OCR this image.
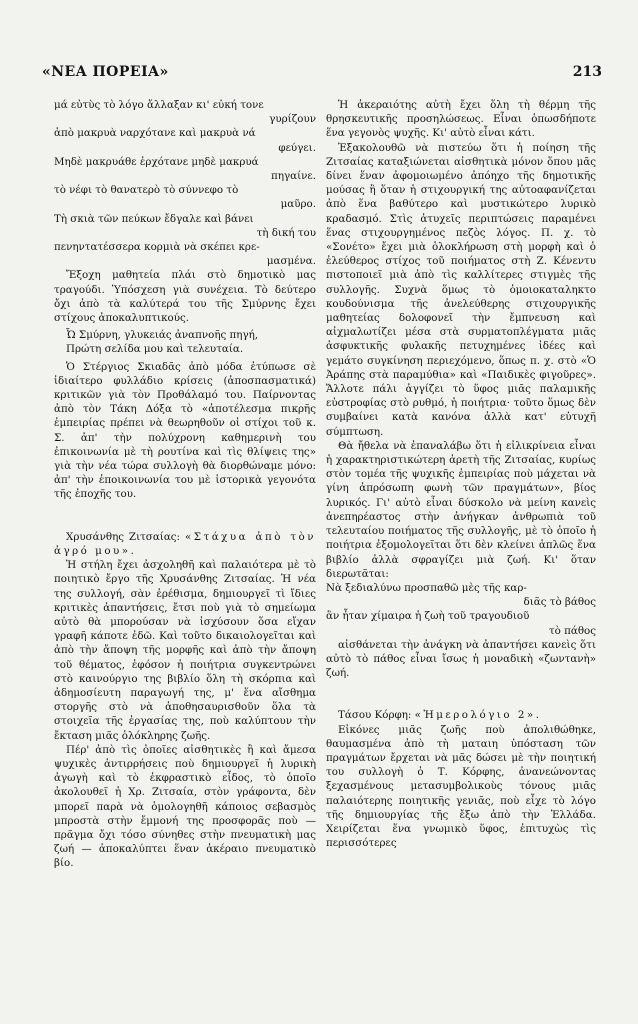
«ΝΕΑ ΠΟΡΕΙΑ»	213
μά εὐτὺς τὸ λόγο ἄλλαξαν κι' εὐκή τονε
γυρίζουν
ἀπὸ μακρυὰ ναρχότανε καὶ μακρυὰ νά
φεύγει.
Μηδὲ μακρυάθε ἐρχότανε μηδὲ μακρυά
πηγαίνε.
τὸ νέφι τὸ θανατερὸ τὸ σύννεφο τὸ
μαῦρο.
Τὴ σκιὰ τῶν πεύκων ἔδγαλε καὶ βάνει
τὴ δική του
πενηντατέσσερα κορμιὰ νὰ σκέπει κρε-
μασμένα.

Ἔξοχη μαθητεία πλάι στὸ δημοτικὸ μας τραγούδι. Ὑπόσχεση γιὰ συνέχεια. Τὸ δεύτερο ὄχι ἀπὸ τὰ καλύτερά του τῆς Σμύρνης ἔχει στίχους ἀποκαλυπτικούς.

Ὦ Σμύρνη, γλυκειάς ἀναπνοῆς πηγή,
Πρώτη σελίδα μου καὶ τελευταία.

Ὁ Στέργιος Σκιαδᾶς ἀπὸ μόδα ἐτύπωσε σὲ ἰδιαίτερο φυλλάδιο κρίσεις (ἀποσπασματικά) κριτικῶν γιὰ τὸν Προθάλαμό του. Παίρνοντας ἀπὸ τὸν Τάκη Δόξα τὸ «ἀποτέλεσμα πικρῆς ἐμπειρίας πρέπει νὰ θεωρηθοῦν οἱ στίχοι τοῦ κ. Σ. ἀπ' τὴν πολύχρονη καθημερινὴ του ἐπικοινωνία μὲ τὴ ρουτίνα καὶ τὶς θλίψεις της» γιὰ τὴν νέα τώρα συλλογὴ θὰ διορθώναμε μόνο: ἀπ' τὴν ἐποικοινωνία του μὲ ἱστορικὰ γεγονότα τῆς ἐποχῆς του.

Χρυσάνθης Ζιτσαίας: «Στάχυα ἀπὸ τὸν ἀγρό μου».

Ἡ στήλη ἔχει ἀσχοληθῆ καὶ παλαιότερα μὲ τὸ ποιητικὸ ἔργο τῆς Χρυσάνθης Ζιτσαίας. Ἡ νέα της συλλογή, σὰν ἐρέθισμα, δημιουργεῖ τὶ ἴδιες κριτικὲς ἀπαντήσεις, ἔτσι ποὺ γιὰ τὸ σημείωμα αὐτὸ θὰ μπορούσαν νὰ ἰσχύσουν ὅσα εἴχαν γραφῆ κάποτε ἐδῶ. Καὶ τοῦτο δικαιολογεῖται καὶ ἀπὸ τὴν ἄποψη τῆς μορφῆς καὶ ἀπὸ τὴν ἄποψη τοῦ θέματος, ἐφόσον ἡ ποιήτρια συγκεντρώνει στὸ καινούργιο της βιβλίο ὅλη τὴ σκόρπια καὶ ἀδημοσίευτη παραγωγή της, μ' ἕνα αἴσθημα στοργῆς στὸ νὰ ἀποθησαυρισθοῦν ὅλα τὰ στοιχεῖα τῆς ἐργασίας της, ποὺ καλύπτουν τὴν ἔκταση μιᾶς ὁλόκληρης ζωῆς.

Πέρ' ἀπὸ τὶς ὁποῖες αἰσθητικὲς ἢ καὶ ἄμεσα ψυχικὲς ἀντιρρήσεις ποὺ δημιουργεῖ ἡ λυρικὴ ἀγωγὴ καὶ τὸ ἐκφραστικὸ εἶδος, τὸ ὁποῖο ἀκολουθεῖ ἡ Χρ. Ζιτσαία, στὸν γράφοντα, δὲν μπορεῖ παρὰ νὰ ὁμολογηθῆ κάποιος σεβασμὸς μπροστὰ στὴν ἔμμονή της προσφορᾶς ποὺ — πρᾶγμα ὄχι τόσο σύνηθες στὴν πνευματικὴ μας ζωή — ἀποκαλύπτει ἕναν ἀκέραιο πνευματικὸ βίο.

Ἡ ἀκεραιότης αὐτὴ ἔχει ὅλη τὴ θέρμη τῆς θρησκευτικῆς προσηλώσεως. Εἶναι ὁπωσδήποτε ἕνα γεγονὸς ψυχῆς. Κι' αὐτὸ εἶναι κάτι.

Ἐξακολουθῶ νὰ πιστεύω ὅτι ἡ ποίηση τῆς Ζιτσαίας καταξιώνεται αἰσθητικὰ μόνον ὅπου μᾶς δίνει ἕναν ἀφομοιωμένο ἀπόηχο τῆς δημοτικῆς μούσας ἢ ὅταν ἡ στιχουργική της αὐτοαφανίζεται ἀπὸ ἕνα βαθύτερο καὶ μυστικώτερο λυρικὸ κραδασμό. Στὶς ἀτυχεῖς περιπτώσεις παραμένει ἕνας στιχουργημένος πεζὸς λόγος. Π. χ. τὸ «Σονέτο» ἔχει μιὰ ὁλοκλήρωση στὴ μορφὴ καὶ ὁ ἐλεύθερος στίχος τοῦ ποιήματος στὴ Ζ. Κένεντυ πιστοποιεῖ μιὰ ἀπὸ τὶς καλλίτερες στιγμὲς τῆς συλλογῆς. Συχνὰ ὅμως τὸ ὁμοιοκαταληκτο κουδούνισμα τῆς ἀνελεύθερης στιχουργικῆς μαθητείας δολοφονεῖ τὴν ἔμπνευση καὶ αἰχμαλωτίζει μέσα στὰ συρματοπλέγματα μιᾶς ἀσφυκτικῆς φυλακῆς πετυχημένες ἰδέες καὶ γεμάτο συγκίνηση περιεχόμενο, ὅπως π. χ. στὸ «Ὁ Ἀράπης στὰ παραμύθια» καὶ «Παιδικὲς φιγοῦρες». Ἄλλοτε πάλι ἀγγίζει τὸ ὕφος μιᾶς παλαμικῆς εὐστροφίας στὸ ρυθμό, ἡ ποιήτρια· τοῦτο ὅμως δὲν συμβαίνει κατὰ κανόνα ἀλλὰ κατ' εὐτυχῆ σύμπτωση.

Θὰ ἤθελα νὰ ἐπαναλάβω ὅτι ἡ εἰλικρίνεια εἶναι ἡ χαρακτηριστικώτερη ἀρετὴ τῆς Ζιτσαίας, κυρίως στὸν τομέα τῆς ψυχικῆς ἐμπειρίας ποὺ μάχεται νὰ γίνη ἀπρόσωπη φωνὴ τῶν πραγμάτων», βίος λυρικός. Γι' αὐτὸ εἶναι δύσκολο νὰ μείνη κανεὶς ἀνεπηρέαστος στὴν ἀνήγκαν ἀνθρωπιὰ τοῦ τελευταίου ποιήματος τῆς συλλογῆς, μὲ τὸ ὁποῖο ἡ ποιήτρια ἐξομολογεῖται ὅτι δὲν κλείνει ἁπλῶς ἕνα βιβλίο ἀλλὰ σφραγίζει μιὰ ζωή. Κι' ὅταν διερωτᾶται:

Νὰ ξεδιαλύνω προσπαθῶ μὲς τῆς καρ-
διᾶς τὸ βάθος
ἂν ἦταν χίμαιρα ἡ ζωὴ τοῦ τραγουδιοῦ
τὸ πάθος

αἰσθάνεται τὴν ἀνάγκη νὰ ἀπαντήσει κανεὶς ὅτι αὐτὸ τὸ πάθος εἶναι ἴσως ἡ μοναδικὴ «ζωντανὴ» ζωή.

Τάσου Κόρφη: «Ἡμερολόγιο 2».

Εἰκόνες μιᾶς ζωῆς ποὺ ἀπολιθώθηκε, θαυμασμένα ἀπὸ τὴ ματαιη ὑπόσταση τῶν πραγμάτων ἔρχεται νὰ μᾶς δώσει μὲ τὴν ποιητική του συλλογὴ ὁ Τ. Κόρφης, ἀνανεώνοντας ξεχασμένους μετασυμβολικοὺς τόνους μιᾶς παλαιότερης ποιητικῆς γενιᾶς, ποὺ εἶχε τὸ λόγο τῆς δημιουργίας τῆς ἔξω ἀπὸ τὴν Ἑλλάδα. Χειρίζεται ἕνα γνωμικὸ ὕφος, ἐπιτυχὼς τὶς περισσότερες
